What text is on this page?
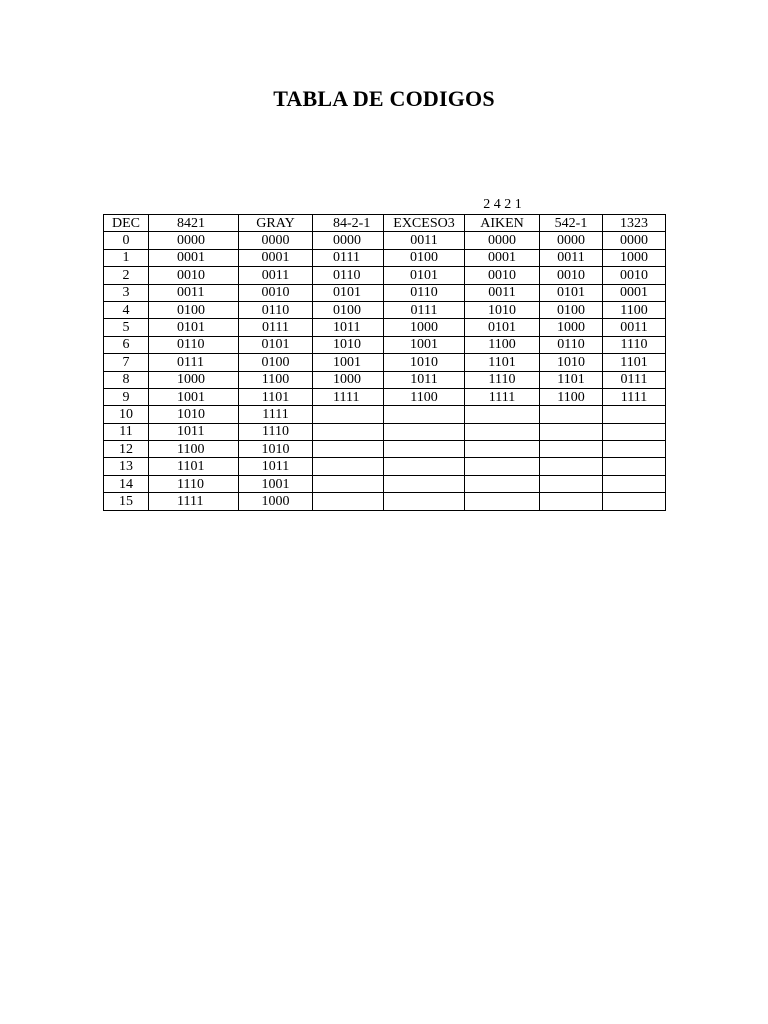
TABLA DE CODIGOS
2 4 2 1
DEC	8421	GRAY	84-2-1	EXCESO3	AIKEN	542-1	1323
0	0000	0000	0000	0011	0000	0000	0000
1	0001	0001	0111	0100	0001	0011	1000
2	0010	0011	0110	0101	0010	0010	0010
3	0011	0010	0101	0110	0011	0101	0001
4	0100	0110	0100	0111	1010	0100	1100
5	0101	0111	1011	1000	0101	1000	0011
6	0110	0101	1010	1001	1100	0110	1110
7	0111	0100	1001	1010	1101	1010	1101
8	1000	1100	1000	1011	1110	1101	0111
9	1001	1101	1111	1100	1111	1100	1111
10	1010	1111					
11	1011	1110					
12	1100	1010					
13	1101	1011					
14	1110	1001					
15	1111	1000					
